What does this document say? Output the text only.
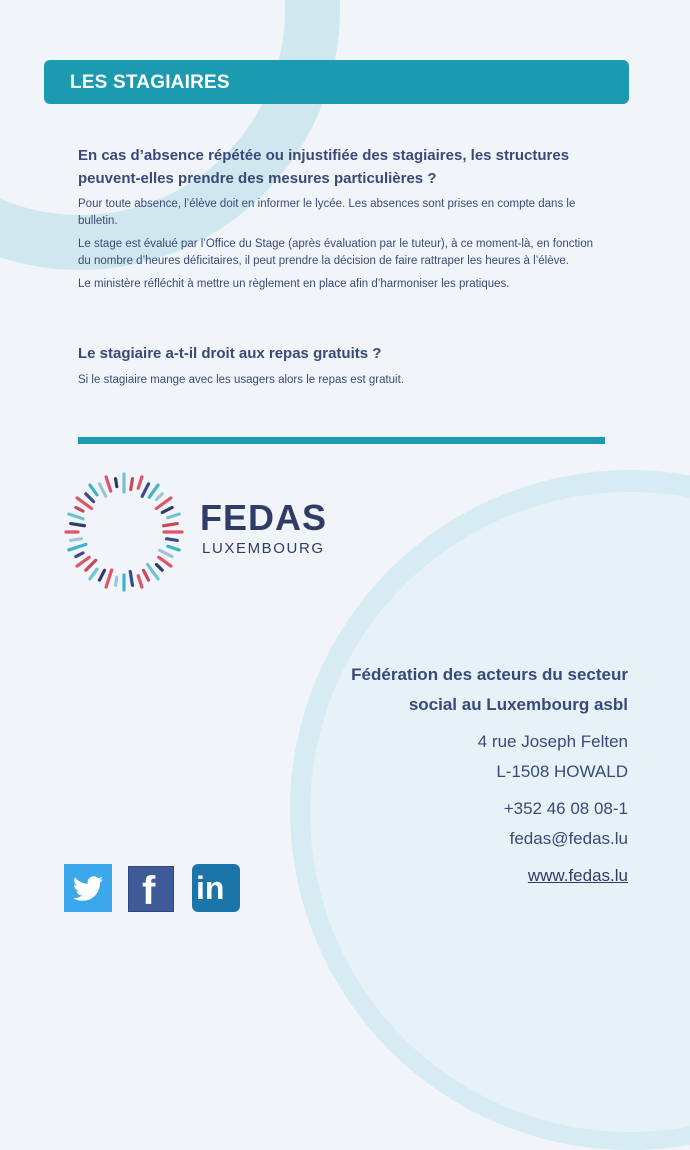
LES STAGIAIRES
En cas d’absence répétée ou injustifiée des stagiaires, les structures peuvent-elles prendre des mesures particulières ?
Pour toute absence, l’élève doit en informer le lycée. Les absences sont prises en compte dans le bulletin.
Le stage est évalué par l’Office du Stage (après évaluation par le tuteur), à ce moment-là, en fonction du nombre d’heures déficitaires, il peut prendre la décision de faire rattraper les heures à l’élève.
Le ministère réfléchit à mettre un règlement en place afin d’harmoniser les pratiques.
Le stagiaire a-t-il droit aux repas gratuits ?
Si le stagiaire mange avec les usagers alors le repas est gratuit.
FEDAS
LUXEMBOURG
Fédération des acteurs du secteur
social au Luxembourg asbl
4 rue Joseph Felten
L-1508 HOWALD
+352 46 08 08-1
fedas@fedas.lu
www.fedas.lu
f in
